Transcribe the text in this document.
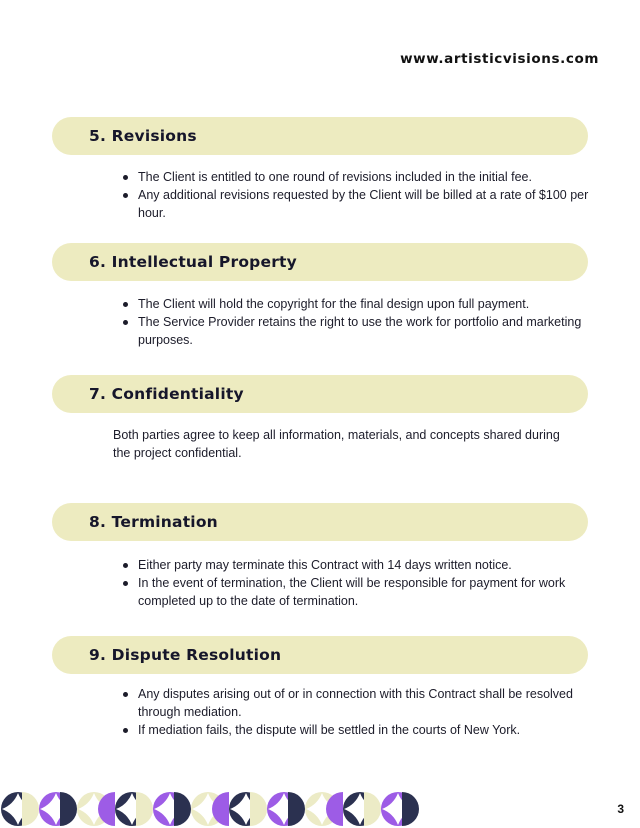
www.artisticvisions.com
5. Revisions
The Client is entitled to one round of revisions included in the initial fee.
Any additional revisions requested by the Client will be billed at a rate of $100 per hour.
6. Intellectual Property
The Client will hold the copyright for the final design upon full payment.
The Service Provider retains the right to use the work for portfolio and marketing purposes.
7. Confidentiality

Both parties agree to keep all information, materials, and concepts shared during the project confidential.

8. Termination
Either party may terminate this Contract with 14 days written notice.
In the event of termination, the Client will be responsible for payment for work completed up to the date of termination.
9. Dispute Resolution
Any disputes arising out of or in connection with this Contract shall be resolved through mediation.
If mediation fails, the dispute will be settled in the courts of New York.
3
